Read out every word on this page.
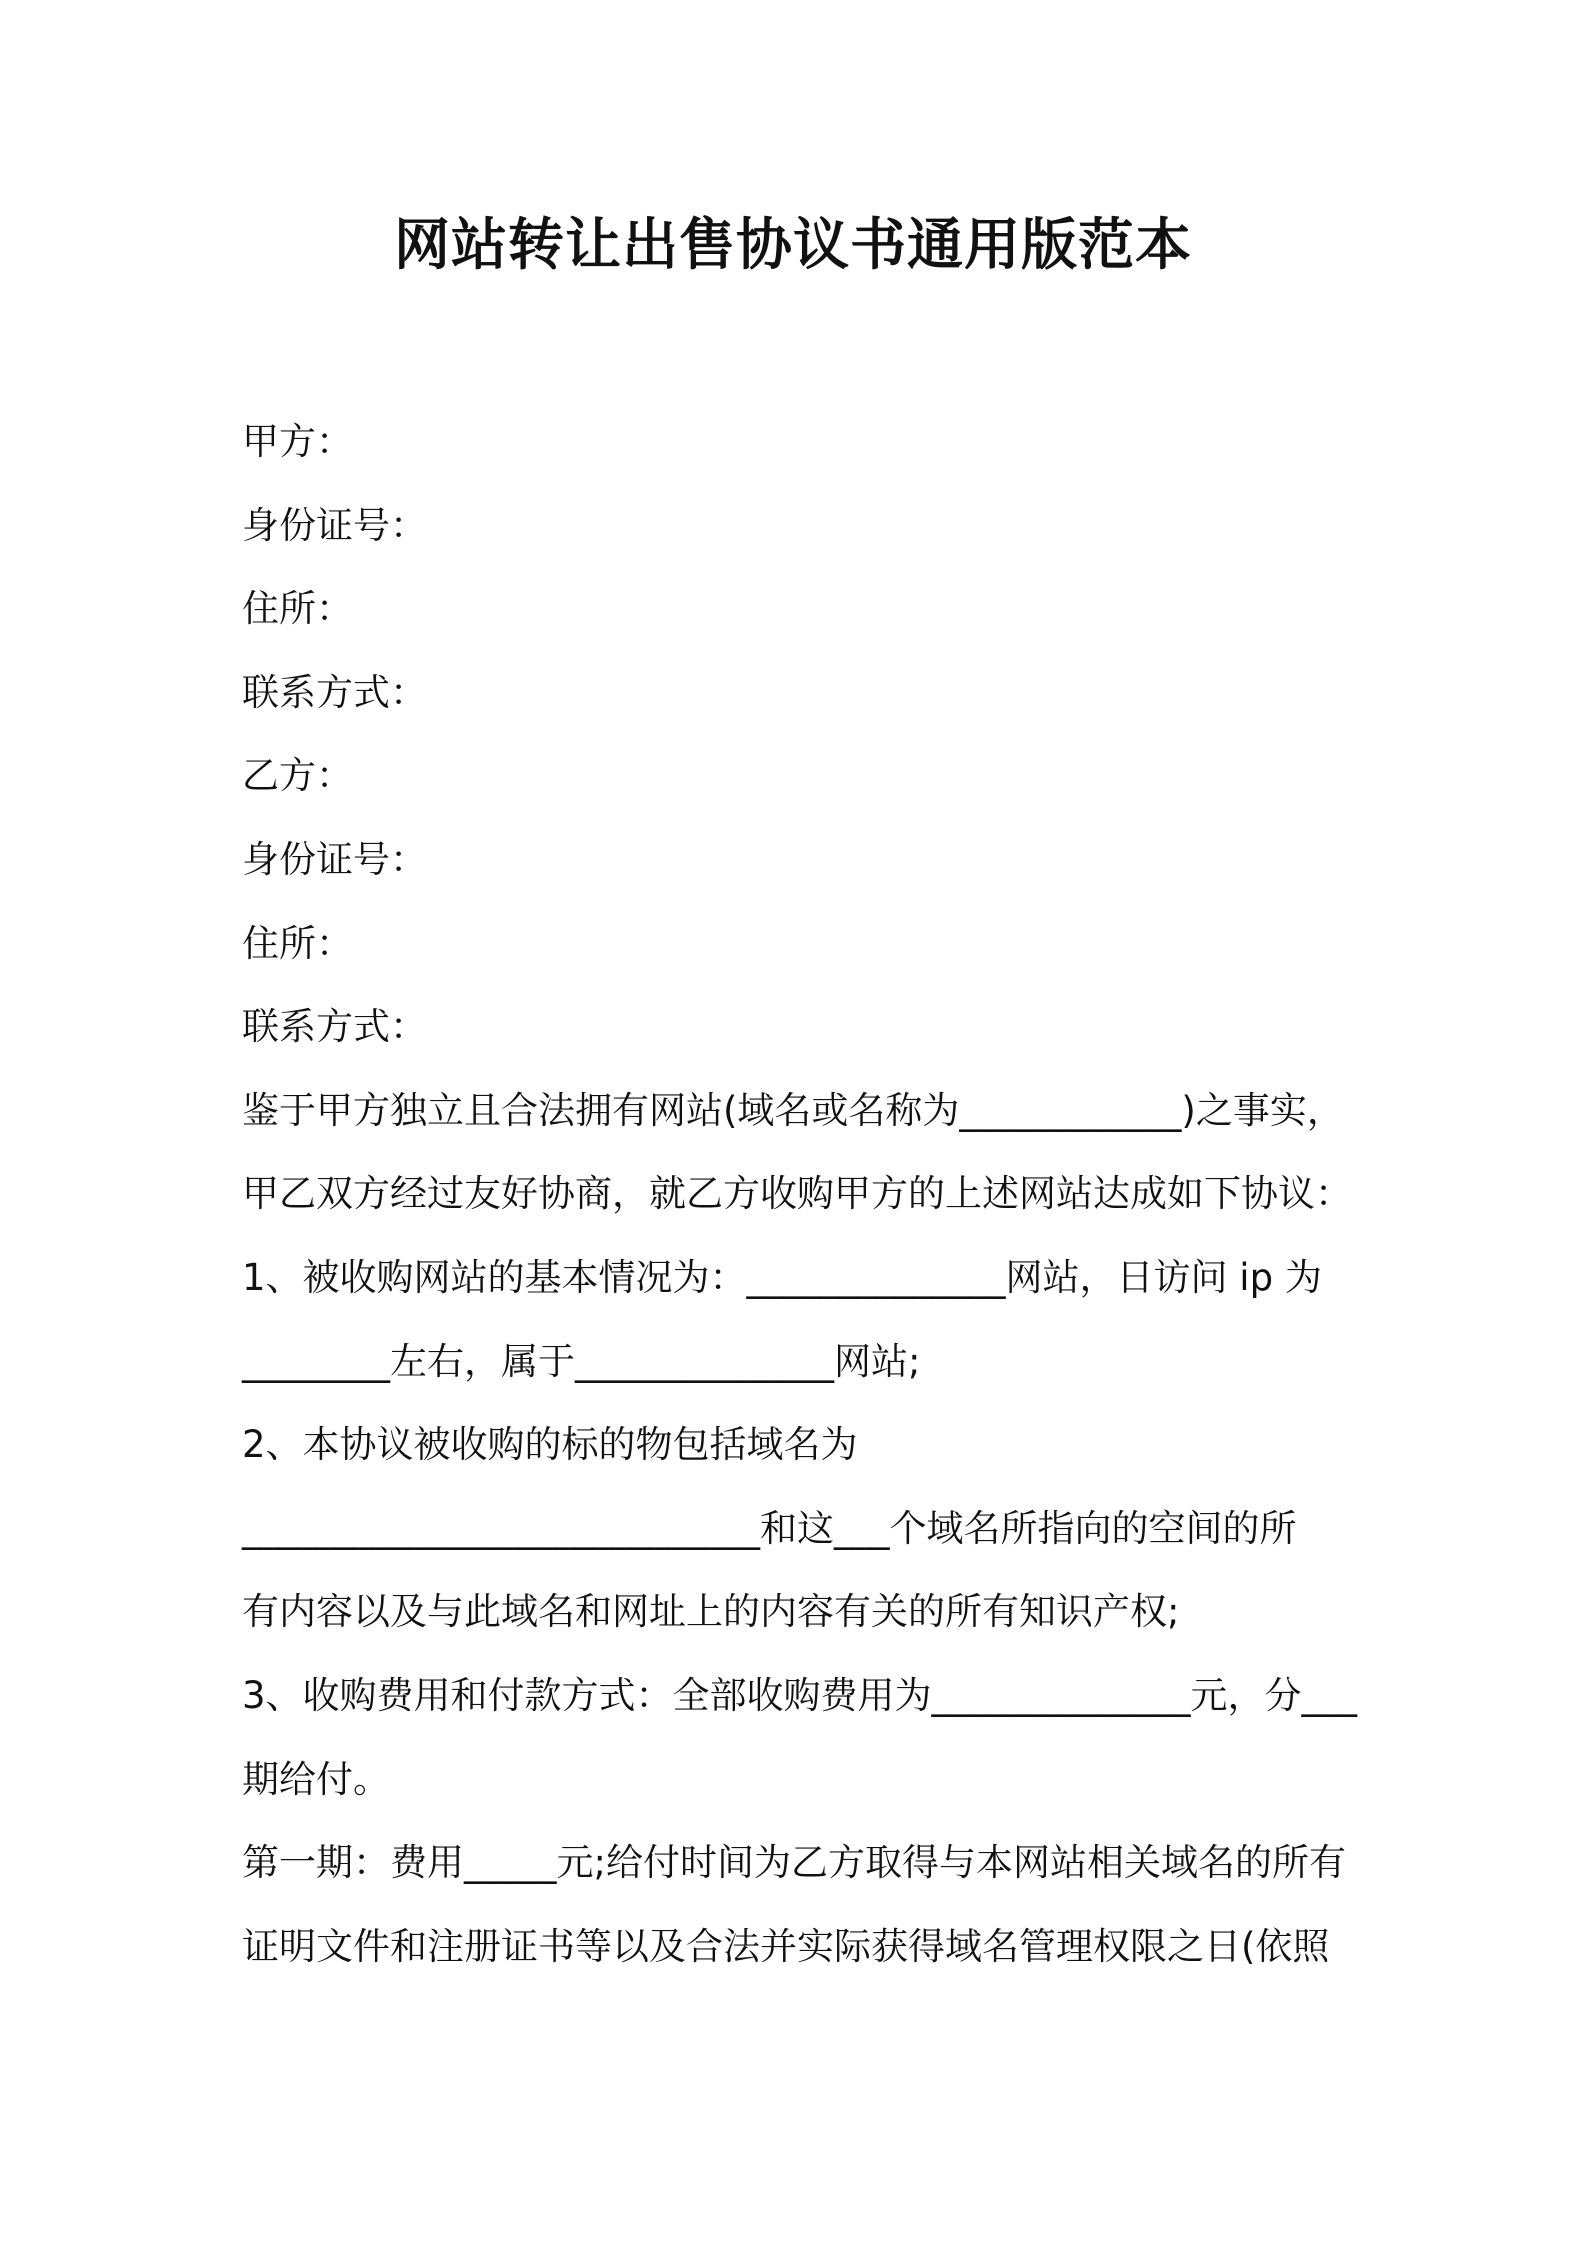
网站转让出售协议书通用版范本
甲方：
身份证号：
住所：
联系方式：
乙方：
身份证号：
住所：
联系方式：
鉴于甲方独立且合法拥有网站(域名或名称为____________)之事实，
甲乙双方经过友好协商，就乙方收购甲方的上述网站达成如下协议：
1、被收购网站的基本情况为：______________网站，日访问 ip 为
________左右，属于______________网站;
2、本协议被收购的标的物包括域名为
____________________________和这___个域名所指向的空间的所
有内容以及与此域名和网址上的内容有关的所有知识产权;
3、收购费用和付款方式：全部收购费用为______________元，分___
期给付。
第一期：费用_____元;给付时间为乙方取得与本网站相关域名的所有
证明文件和注册证书等以及合法并实际获得域名管理权限之日(依照
